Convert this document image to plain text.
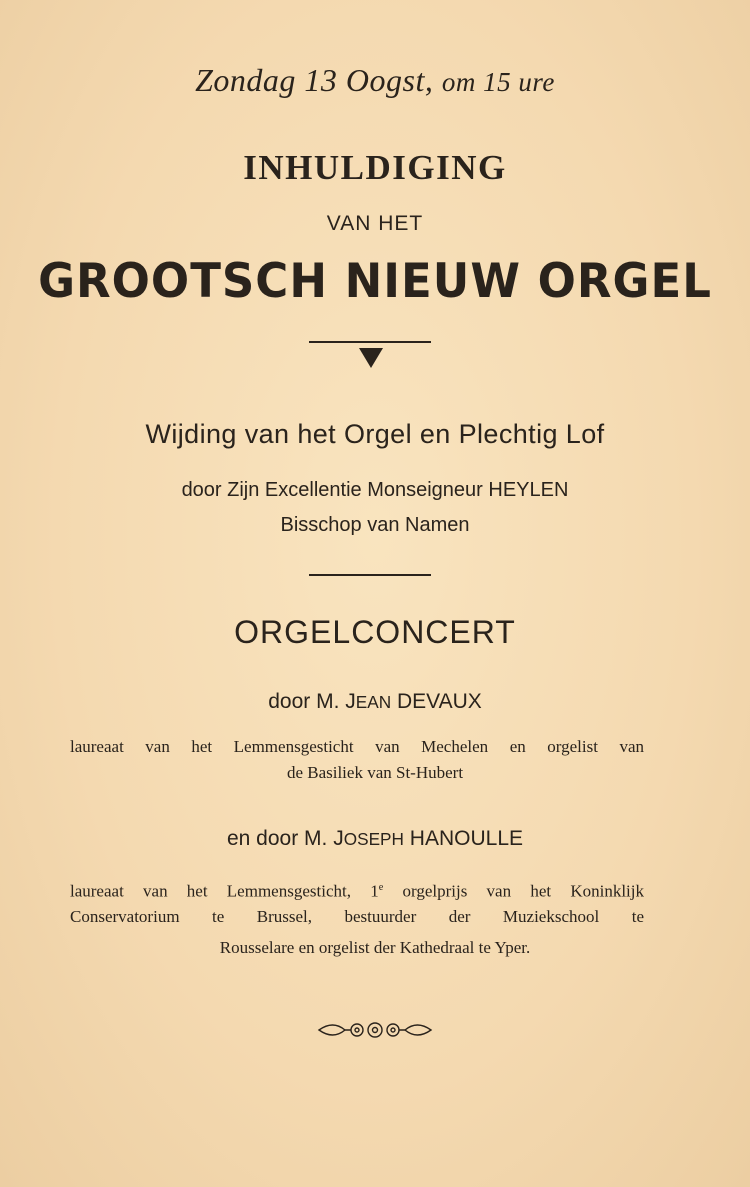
Zondag 13 Oogst, om 15 ure
INHULDIGING
VAN HET
GROOTSCH NIEUW ORGEL
Wijding van het Orgel en Plechtig Lof
door Zijn Excellentie Monseigneur HEYLEN
Bisschop van Namen
ORGELCONCERT
door M. JEAN DEVAUX
laureaat van het Lemmensgesticht van Mechelen en orgelist van
de Basiliek van St-Hubert
en door M. JOSEPH HANOULLE
laureaat van het Lemmensgesticht, 1e orgelprijs van het Koninklijk
Conservatorium te Brussel, bestuurder der Muziekschool te
Rousselare en orgelist der Kathedraal te Yper.
